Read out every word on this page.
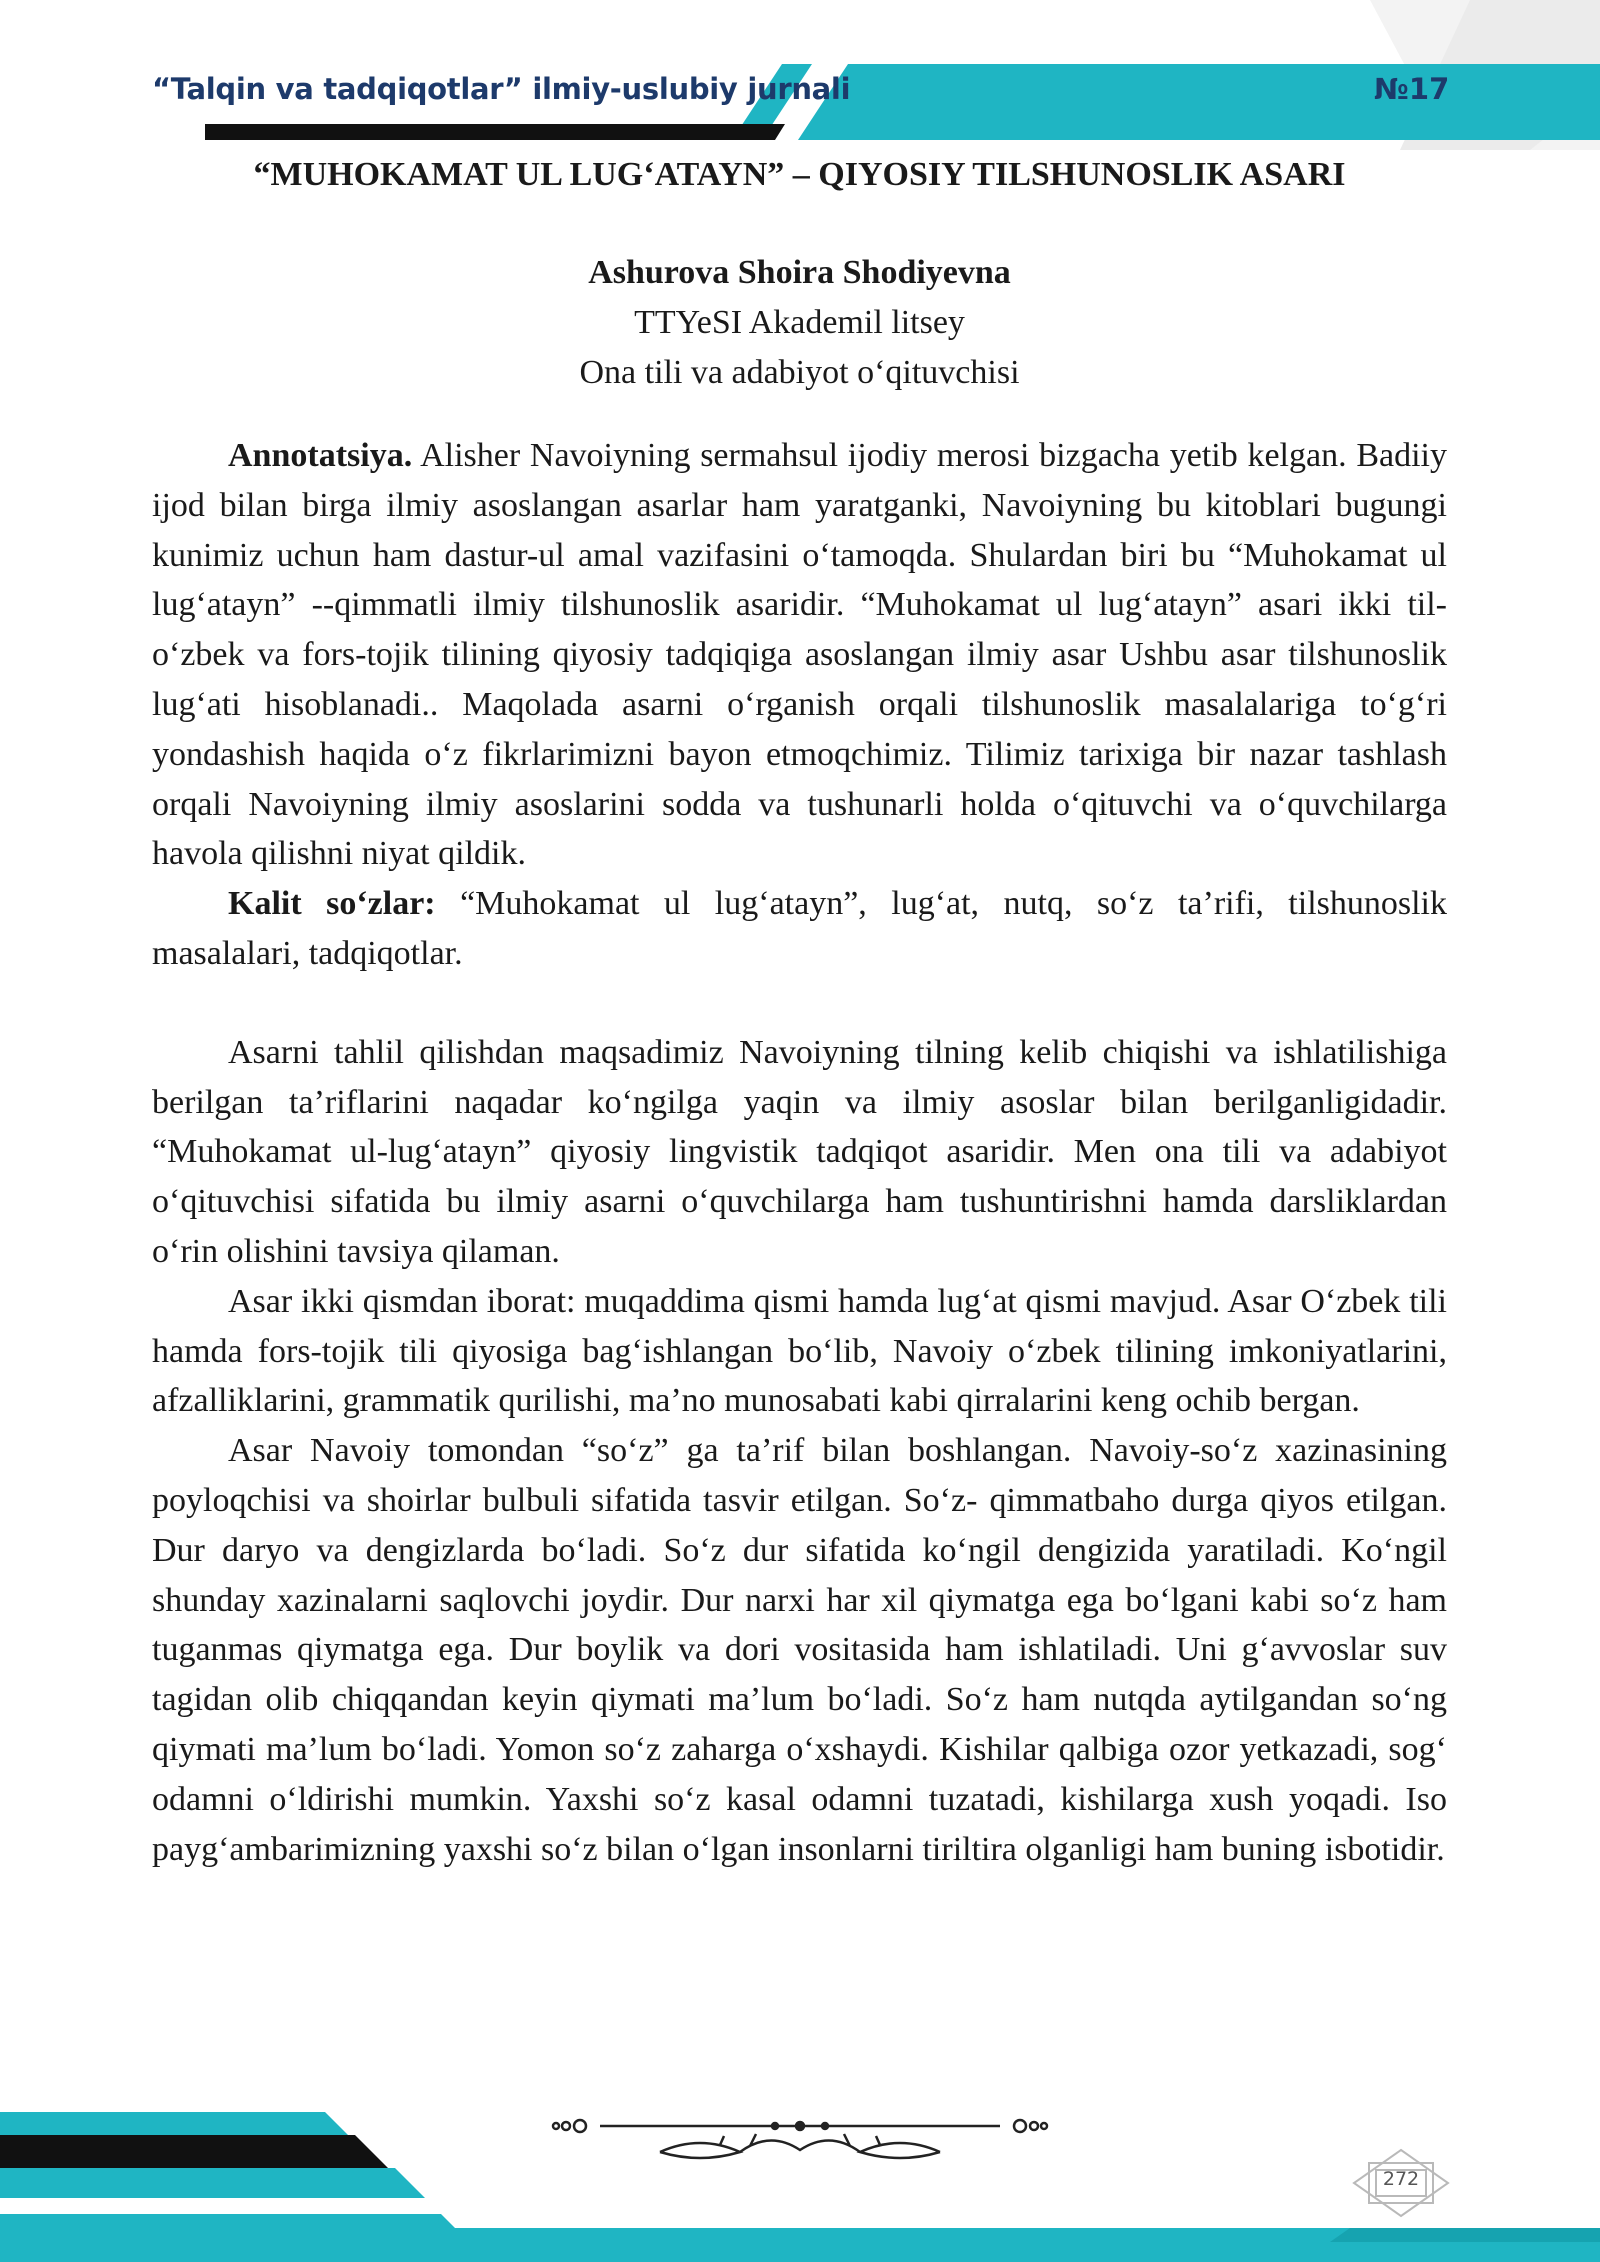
“Talqin va tadqiqotlar” ilmiy-uslubiy jurnali	№17
“MUHOKAMAT UL LUG‘ATAYN” – QIYOSIY TILSHUNOSLIK ASARI

Ashurova Shoira Shodiyevna

TTYeSI Akademil litsey

Ona tili va adabiyot o‘qituvchisi

Annotatsiya. Alisher Navoiyning sermahsul ijodiy merosi bizgacha yetib kelgan. Badiiy ijod bilan birga ilmiy asoslangan asarlar ham yaratganki, Navoiyning bu kitoblari bugungi kunimiz uchun ham dastur-ul amal vazifasini o‘tamoqda. Shulardan biri bu “Muhokamat ul lug‘atayn” --qimmatli ilmiy tilshunoslik asaridir. “Muhokamat ul lug‘atayn” asari ikki til-o‘zbek va fors-tojik tilining qiyosiy tadqiqiga asoslangan ilmiy asar Ushbu asar tilshunoslik lug‘ati hisoblanadi.. Maqolada asarni o‘rganish orqali tilshunoslik masalalariga to‘g‘ri yondashish haqida o‘z fikrlarimizni bayon etmoqchimiz. Tilimiz tarixiga bir nazar tashlash orqali Navoiyning ilmiy asoslarini sodda va tushunarli holda o‘qituvchi va o‘quvchilarga havola qilishni niyat qildik.

Kalit so‘zlar: “Muhokamat ul lug‘atayn”, lug‘at, nutq, so‘z ta’rifi, tilshunoslik masalalari, tadqiqotlar.

Asarni tahlil qilishdan maqsadimiz Navoiyning tilning kelib chiqishi va ishlatilishiga berilgan ta’riflarini naqadar ko‘ngilga yaqin va ilmiy asoslar bilan berilganligidadir. “Muhokamat ul-lug‘atayn” qiyosiy lingvistik tadqiqot asaridir. Men ona tili va adabiyot o‘qituvchisi sifatida bu ilmiy asarni o‘quvchilarga ham tushuntirishni hamda darsliklardan o‘rin olishini tavsiya qilaman.

Asar ikki qismdan iborat: muqaddima qismi hamda lug‘at qismi mavjud. Asar O‘zbek tili hamda fors-tojik tili qiyosiga bag‘ishlangan bo‘lib, Navoiy o‘zbek tilining imkoniyatlarini, afzalliklarini, grammatik qurilishi, ma’no munosabati kabi qirralarini keng ochib bergan.

Asar Navoiy tomondan “so‘z” ga ta’rif bilan boshlangan. Navoiy-so‘z xazinasining poyloqchisi va shoirlar bulbuli sifatida tasvir etilgan. So‘z- qimmatbaho durga qiyos etilgan. Dur daryo va dengizlarda bo‘ladi. So‘z dur sifatida ko‘ngil dengizida yaratiladi. Ko‘ngil shunday xazinalarni saqlovchi joydir. Dur narxi har xil qiymatga ega bo‘lgani kabi so‘z ham tuganmas qiymatga ega. Dur boylik va dori vositasida ham ishlatiladi. Uni g‘avvoslar suv tagidan olib chiqqandan keyin qiymati ma’lum bo‘ladi. So‘z ham nutqda aytilgandan so‘ng qiymati ma’lum bo‘ladi. Yomon so‘z zaharga o‘xshaydi. Kishilar qalbiga ozor yetkazadi, sog‘ odamni o‘ldirishi mumkin. Yaxshi so‘z kasal odamni tuzatadi, kishilarga xush yoqadi. Iso payg‘ambarimizning yaxshi so‘z bilan o‘lgan insonlarni tiriltira olganligi ham buning isbotidir.

272
